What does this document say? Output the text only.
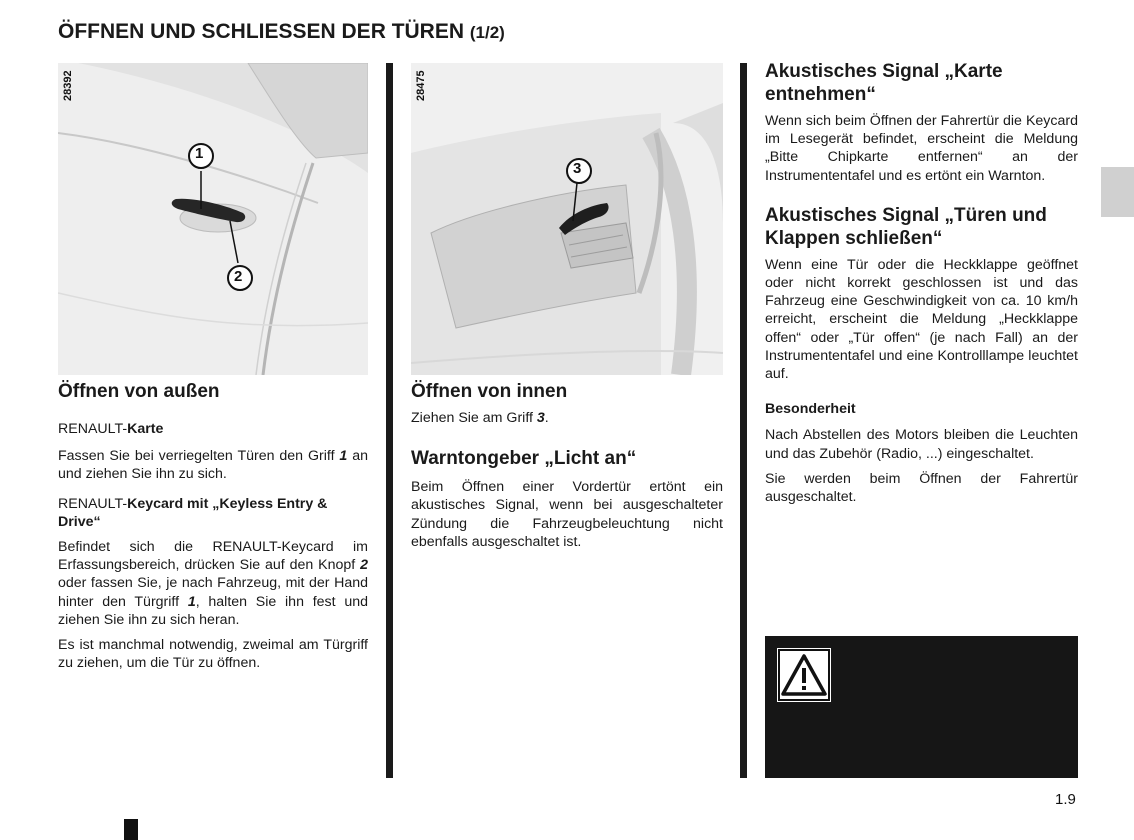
ÖFFNEN UND SCHLIESSEN DER TÜREN (1/2)
1
2
28392
3
28475
Öffnen von außen
RENAULT-Karte

Fassen Sie bei verriegelten Türen den Griff 1 an und ziehen Sie ihn zu sich.

RENAULT-Keycard mit „Keyless Entry & Drive“

Befindet sich die RENAULT-Keycard im Erfassungsbereich, drücken Sie auf den Knopf 2 oder fassen Sie, je nach Fahrzeug, mit der Hand hinter den Türgriff 1, halten Sie ihn fest und ziehen Sie ihn zu sich heran.

Es ist manchmal notwendig, zweimal am Türgriff zu ziehen, um die Tür zu öffnen.

Öffnen von innen

Ziehen Sie am Griff 3.

Warntongeber „Licht an“

Beim Öffnen einer Vordertür ertönt ein akustisches Signal, wenn bei ausgeschalteter Zündung die Fahrzeugbeleuchtung nicht ebenfalls ausgeschaltet ist.

Akustisches Signal „Karte entnehmen“

Wenn sich beim Öffnen der Fahrertür die Keycard im Lesegerät befindet, erscheint die Meldung „Bitte Chipkarte entfernen“ an der Instrumententafel und es ertönt ein Warnton.

Akustisches Signal „Türen und Klappen schließen“

Wenn eine Tür oder die Heckklappe geöffnet oder nicht korrekt geschlossen ist und das Fahrzeug eine Geschwindigkeit von ca. 10 km/h erreicht, erscheint die Meldung „Heckklappe offen“ oder „Tür offen“ (je nach Fall) an der Instrumententafel und eine Kontrolllampe leuchtet auf.

Besonderheit

Nach Abstellen des Motors bleiben die Leuchten und das Zubehör (Radio, ...) eingeschaltet.

Sie werden beim Öffnen der Fahrertür ausgeschaltet.

1.9
